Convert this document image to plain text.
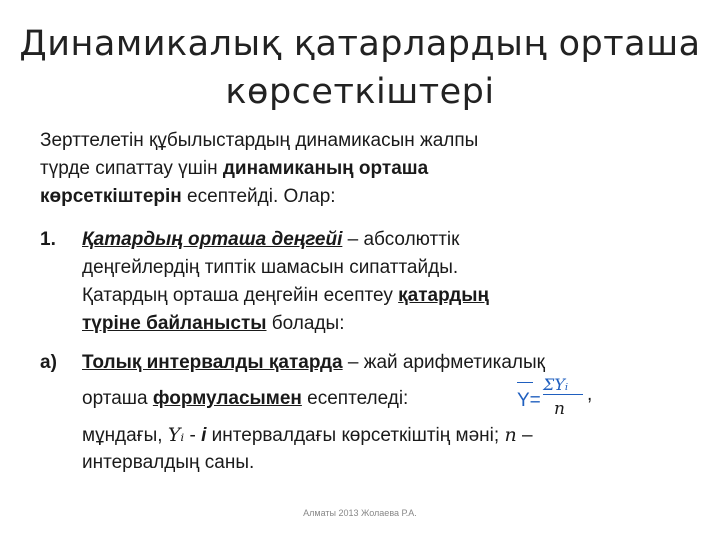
Динамикалық қатарлардың орташа
көрсеткіштері
Зерттелетін құбылыстардың динамикасын жалпы
түрде сипаттау үшін динамиканың орташа
көрсеткіштерін есептейді. Олар:
1. Қатардың орташа деңгейі – абсолюттік
деңгейлердің типтік шамасын сипаттайды.
Қатардың орташа деңгейін есептеу қатардың
түріне байланысты болады:
а) Толық интервалды қатарда – жай арифметикалық
орташа формуласымен есептеледі:	Y=
ΣYᵢ
n
,
мұндағы, Yᵢ - i интервалдағы көрсеткіштің мәні; n –
интервалдың саны.
Алматы 2013 Жолаева Р.А.
